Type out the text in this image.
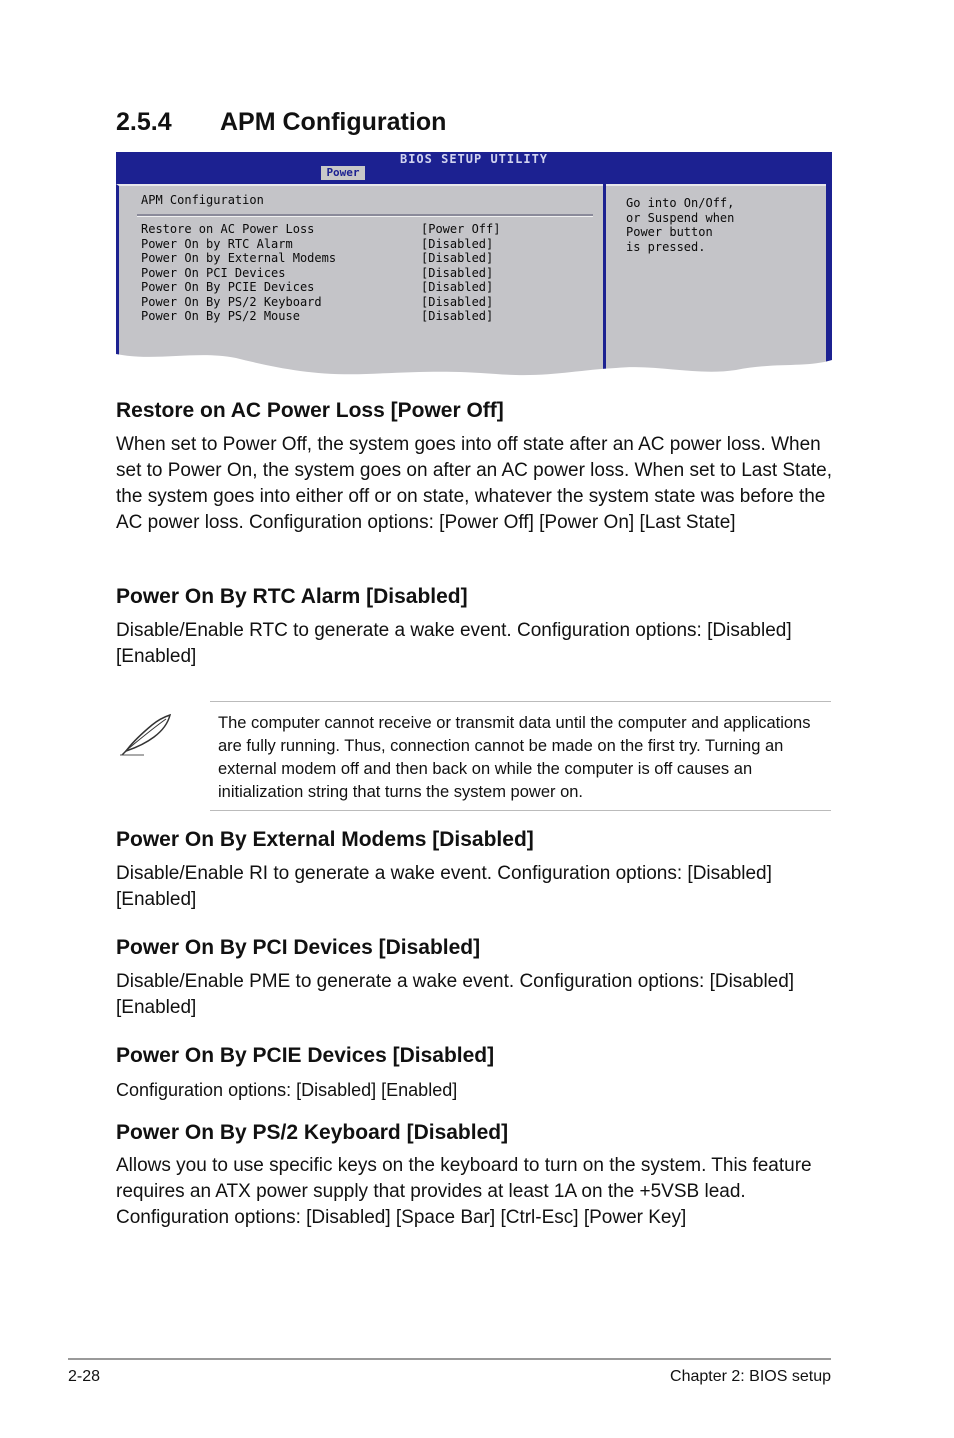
2.5.4 APM Configuration
BIOS SETUP UTILITY
Power
APM Configuration
Restore on AC Power Loss	[Power Off]
Power On by RTC Alarm	[Disabled]
Power On by External Modems	[Disabled]
Power On PCI Devices	[Disabled]
Power On By PCIE Devices	[Disabled]
Power On By PS/2 Keyboard	[Disabled]
Power On By PS/2 Mouse	[Disabled]
Go into On/Off,
or Suspend when
Power button
is pressed.
Restore on AC Power Loss [Power Off]

When set to Power Off, the system goes into off state after an AC power loss. When set to Power On, the system goes on after an AC power loss. When set to Last State, the system goes into either off or on state, whatever the system state was before the AC power loss. Configuration options: [Power Off] [Power On] [Last State]

Power On By RTC Alarm [Disabled]

Disable/Enable RTC to generate a wake event. Configuration options: [Disabled] [Enabled]

The computer cannot receive or transmit data until the computer and applications are fully running. Thus, connection cannot be made on the first try. Turning an external modem off and then back on while the computer is off causes an initialization string that turns the system power on.

Power On By External Modems [Disabled]

Disable/Enable RI to generate a wake event. Configuration options: [Disabled] [Enabled]

Power On By PCI Devices [Disabled]

Disable/Enable PME to generate a wake event. Configuration options: [Disabled] [Enabled]

Power On By PCIE Devices [Disabled]

Configuration options: [Disabled] [Enabled]

Power On By PS/2 Keyboard [Disabled]

Allows you to use specific keys on the keyboard to turn on the system. This feature requires an ATX power supply that provides at least 1A on the +5VSB lead. Configuration options: [Disabled] [Space Bar] [Ctrl-Esc] [Power Key]

2-28	Chapter 2: BIOS setup
